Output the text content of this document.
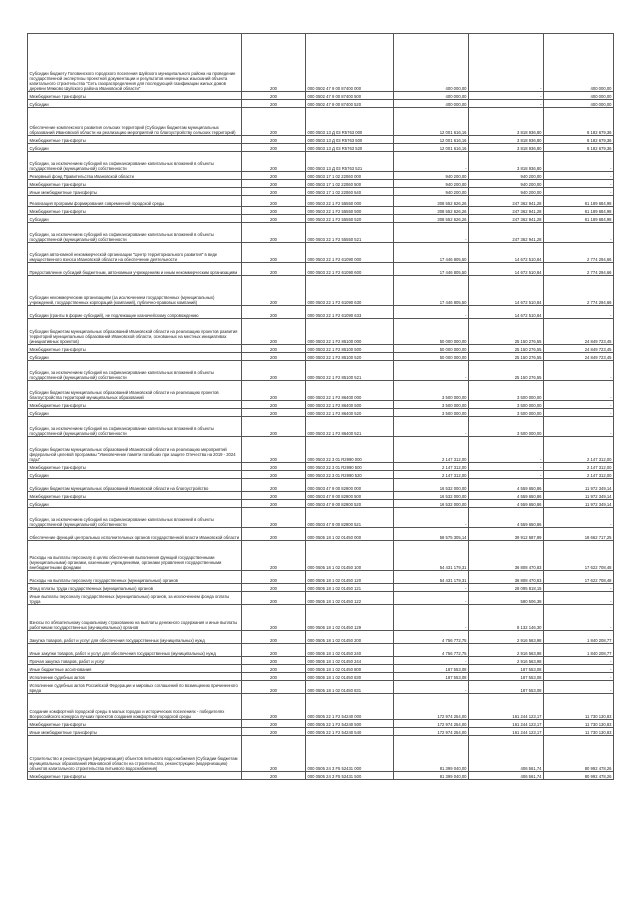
Субсидии бюджету Головинского городского поселения Шуйского муниципального района на проведение государственной экспертизы проектной документации и результатов инженерных изысканий объекта капитального строительства "Сеть газораспределения для последующей газификации жилых домов деревни Мякково Шуйского района Ивановской области"	200	000 0502 47 9 00 87400 000	400 000,00	-	400 000,00
Межбюджетные трансферты	200	000 0502 47 9 00 87400 500	400 000,00	-	400 000,00
Субсидии	200	000 0502 47 9 00 87400 520	400 000,00	-	400 000,00
Обеспечение комплексного развития сельских территорий (Субсидии бюджетам муниципальных образований Ивановской области на реализацию мероприятий по благоустройству сельских территорий)	200	000 0503 13 Д 03 R5763 000	12 001 616,16	3 818 936,80	8 182 679,36
Межбюджетные трансферты	200	000 0503 13 Д 03 R5763 500	12 001 616,16	3 818 936,80	8 182 679,36
Субсидии	200	000 0503 13 Д 03 R5763 520	12 001 616,16	3 818 936,80	8 182 679,36
Субсидии, за исключением субсидий на софинансирование капитальных вложений в объекты государственной (муниципальной) собственности	200	000 0503 13 Д 03 R5763 521	-	3 818 936,80	-
Резервный фонд Правительства Ивановской области	200	000 0503 17 1 02 22060 000	940 200,00	940 200,00	-
Межбюджетные трансферты	200	000 0503 17 1 02 22060 500	940 200,00	940 200,00	-
Иные межбюджетные трансферты	200	000 0503 17 1 02 22060 540	940 200,00	940 200,00	-
Реализация программ формирования современной городской среды	200	000 0503 22 1 F2 55550 000	308 552 626,26	247 362 941,28	61 189 684,98
Межбюджетные трансферты	200	000 0503 22 1 F2 55550 500	308 552 626,26	247 362 941,28	61 189 684,98
Субсидии	200	000 0503 22 1 F2 55550 520	308 552 626,26	247 362 941,28	61 189 684,98
Субсидии, за исключением субсидий на софинансирование капитальных вложений в объекты государственной (муниципальной) собственности	200	000 0503 22 1 F2 55550 521	-	247 362 941,28	-
Субсидия автономной некоммерческой организации "Центр территориального развития" в виде имущественного взноса Ивановской области на обеспечение деятельности	200	000 0503 22 1 F2 61090 000	17 446 805,50	14 672 510,84	2 774 294,66
Предоставление субсидий бюджетным, автономным учреждениям и иным некоммерческим организациям	200	000 0503 22 1 F2 61090 600	17 446 805,50	14 672 510,84	2 774 294,66
Субсидии некоммерческим организациям (за исключением государственных (муниципальных) учреждений, государственных корпораций (компаний), публично-правовых компаний)	200	000 0503 22 1 F2 61090 630	17 446 805,50	14 672 510,84	2 774 294,66
Субсидии (гранты в форме субсидий), не подлежащие казначейскому сопровождению	200	000 0503 22 1 F2 61090 633	-	14 672 510,84	-
Субсидии бюджетам муниципальных образований Ивановской области на реализацию проектов развития территорий муниципальных образований Ивановской области, основанных на местных инициативах (инициативных проектов)	200	000 0503 22 1 F2 85100 000	50 000 000,00	25 150 276,55	24 849 723,45
Межбюджетные трансферты	200	000 0503 22 1 F2 85100 500	50 000 000,00	25 150 276,55	24 849 723,45
Субсидии	200	000 0503 22 1 F2 85100 520	50 000 000,00	25 150 276,55	24 849 723,45
Субсидии, за исключением субсидий на софинансирование капитальных вложений в объекты государственной (муниципальной) собственности	200	000 0503 22 1 F2 85100 521	-	25 150 276,55	-
Субсидии бюджетам муниципальных образований Ивановской области на реализацию проектов благоустройства территорий муниципальных образований	200	000 0503 22 1 F2 86400 000	3 500 000,00	3 500 000,00	-
Межбюджетные трансферты	200	000 0503 22 1 F2 86400 500	3 500 000,00	3 500 000,00	-
Субсидии	200	000 0503 22 1 F2 86400 520	3 500 000,00	3 500 000,00	-
Субсидии, за исключением субсидий на софинансирование капитальных вложений в объекты государственной (муниципальной) собственности	200	000 0503 22 1 F2 86400 521	-	3 500 000,00	-
Субсидии бюджетам муниципальных образований Ивановской области на реализацию мероприятий федеральной целевой программы "Увековечение памяти погибших при защите Отечества на 2019 - 2024 годы"	200	000 0503 22 3 01 R2990 000	2 147 312,00	-	2 147 312,00
Межбюджетные трансферты	200	000 0503 22 3 01 R2990 500	2 147 312,00	-	2 147 312,00
Субсидии	200	000 0503 22 3 01 R2990 520	2 147 312,00	-	2 147 312,00
Субсидии бюджетам муниципальных образований Ивановской области на благоустройство	200	000 0503 47 9 00 82900 000	16 532 000,00	4 559 650,86	11 972 349,14
Межбюджетные трансферты	200	000 0503 47 9 00 82900 500	16 532 000,00	4 559 650,86	11 972 349,14
Субсидии	200	000 0503 47 9 00 82900 520	16 532 000,00	4 559 650,86	11 972 349,14
Субсидии, за исключением субсидий на софинансирование капитальных вложений в объекты государственной (муниципальной) собственности	200	000 0503 47 9 00 82900 521	-	4 559 650,86	-
Обеспечение функций центральных исполнительных органов государственной власти Ивановской области	200	000 0505 18 1 02 01450 000	58 575 305,14	39 912 587,89	18 662 717,25
Расходы на выплаты персоналу в целях обеспечения выполнения функций государственными (муниципальными) органами, казенными учреждениями, органами управления государственными внебюджетными фондами	200	000 0505 18 1 02 01450 100	54 431 179,31	36 808 470,83	17 622 708,48
Расходы на выплаты персоналу государственных (муниципальных) органов	200	000 0505 18 1 02 01450 120	54 431 179,31	36 808 470,83	17 622 708,48
Фонд оплаты труда государственных (муниципальных) органов	200	000 0505 18 1 02 01450 121	-	28 095 818,15	-
Иные выплаты персоналу государственных (муниципальных) органов, за исключением фонда оплаты труда	200	000 0505 18 1 02 01450 122	-	580 506,38	-
Взносы по обязательному социальному страхованию на выплаты денежного содержания и иные выплаты работникам государственных (муниципальных) органов	200	000 0505 18 1 02 01450 129	-	8 132 146,30	-
Закупка товаров, работ и услуг для обеспечения государственных (муниципальных) нужд	200	000 0505 18 1 02 01450 200	4 756 772,75	2 916 563,98	1 840 208,77
Иные закупки товаров, работ и услуг для обеспечения государственных (муниципальных) нужд	200	000 0505 18 1 02 01450 240	4 756 772,75	2 916 563,98	1 840 208,77
Прочая закупка товаров, работ и услуг	200	000 0505 18 1 02 01450 244	-	2 916 563,98	-
Иные бюджетные ассигнования	200	000 0505 18 1 02 01450 800	187 553,08	187 553,08	-
Исполнение судебных актов	200	000 0505 18 1 02 01450 830	187 553,08	187 553,08	-
Исполнение судебных актов Российской Федерации и мировых соглашений по возмещению причиненного вреда	200	000 0505 18 1 02 01450 831	-	187 553,08	-
Создание комфортной городской среды в малых городах и исторических поселениях - победителях Всероссийского конкурса лучших проектов создания комфортной городской среды	200	000 0505 22 1 F2 54240 000	172 974 254,00	161 244 123,17	11 730 130,83
Межбюджетные трансферты	200	000 0505 22 1 F2 54240 500	172 974 254,00	161 244 123,17	11 730 130,83
Иные межбюджетные трансферты	200	000 0505 22 1 F2 54240 540	172 974 254,00	161 244 123,17	11 730 130,83
Строительство и реконструкция (модернизация) объектов питьевого водоснабжения (Субсидии бюджетам муниципальных образований Ивановской области на строительство, реконструкцию (модернизацию) объектов капитального строительства питьевого водоснабжения)	200	000 0505 24 3 F5 52431 000	81 399 040,00	406 561,74	80 992 478,26
Межбюджетные трансферты	200	000 0505 24 3 F5 52431 500	81 399 040,00	406 561,74	80 992 478,26
